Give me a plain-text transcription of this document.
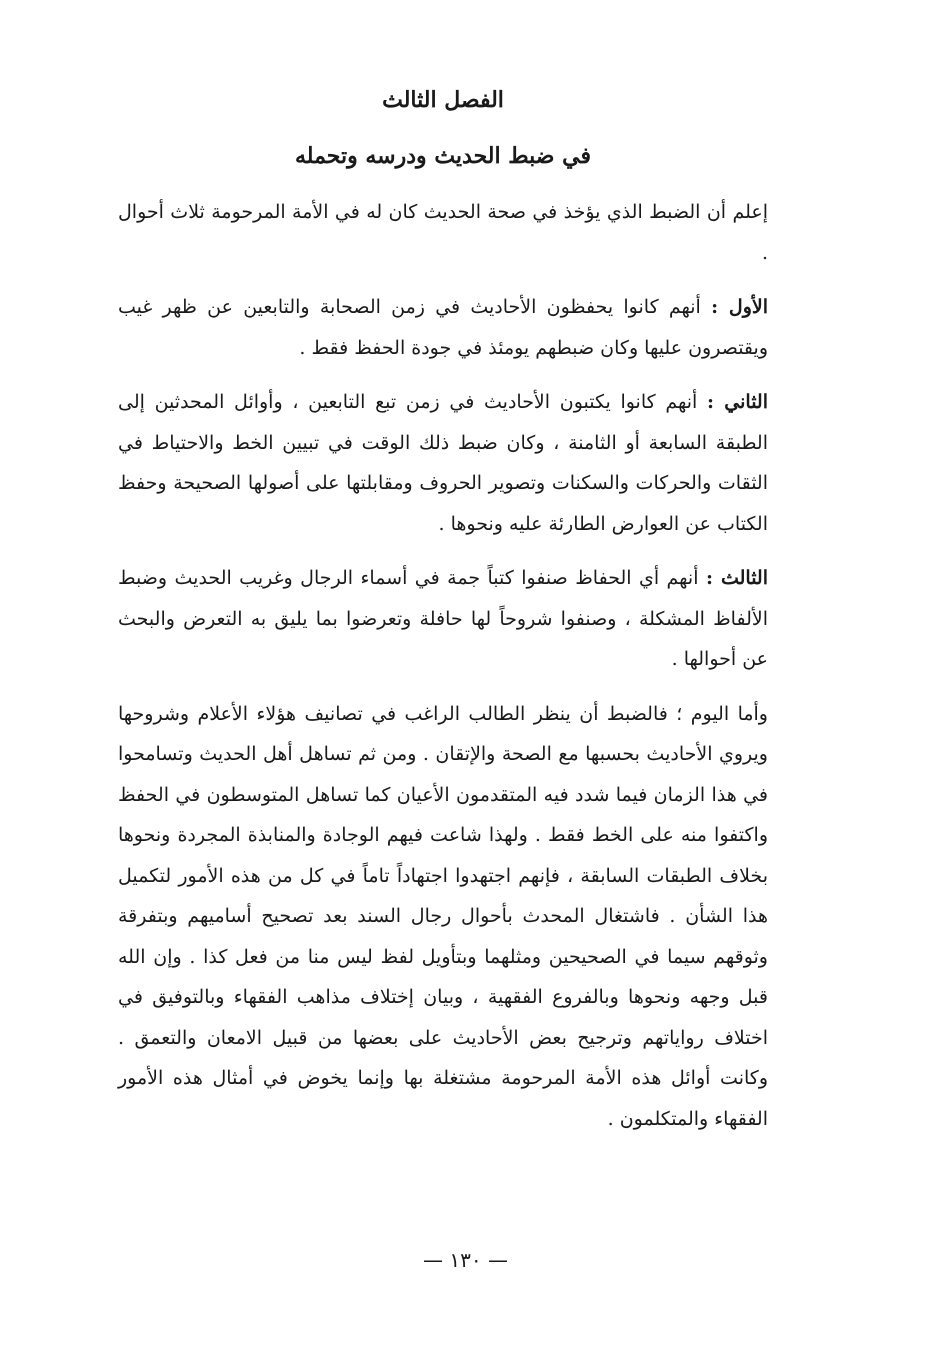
الفصل الثالث
في ضبط الحديث ودرسه وتحمله

إعلم أن الضبط الذي يؤخذ في صحة الحديث كان له في الأمة المرحومة ثلاث أحوال .

الأول : أنهم كانوا يحفظون الأحاديث في زمن الصحابة والتابعين عن ظهر غيب ويقتصرون عليها وكان ضبطهم يومئذ في جودة الحفظ فقط .

الثاني : أنهم كانوا يكتبون الأحاديث في زمن تبع التابعين ، وأوائل المحدثين إلى الطبقة السابعة أو الثامنة ، وكان ضبط ذلك الوقت في تبيين الخط والاحتياط في الثقات والحركات والسكنات وتصوير الحروف ومقابلتها على أصولها الصحيحة وحفظ الكتاب عن العوارض الطارئة عليه ونحوها .

الثالث : أنهم أي الحفاظ صنفوا كتباً جمة في أسماء الرجال وغريب الحديث وضبط الألفاظ المشكلة ، وصنفوا شروحاً لها حافلة وتعرضوا بما يليق به التعرض والبحث عن أحوالها .

وأما اليوم ؛ فالضبط أن ينظر الطالب الراغب في تصانيف هؤلاء الأعلام وشروحها ويروي الأحاديث بحسبها مع الصحة والإتقان . ومن ثم تساهل أهل الحديث وتسامحوا في هذا الزمان فيما شدد فيه المتقدمون الأعيان كما تساهل المتوسطون في الحفظ واكتفوا منه على الخط فقط . ولهذا شاعت فيهم الوجادة والمنابذة المجردة ونحوها بخلاف الطبقات السابقة ، فإنهم اجتهدوا اجتهاداً تاماً في كل من هذه الأمور لتكميل هذا الشأن . فاشتغال المحدث بأحوال رجال السند بعد تصحيح أساميهم وبتفرقة وثوقهم سيما في الصحيحين ومثلهما وبتأويل لفظ ليس منا من فعل كذا . وإن الله قبل وجهه ونحوها وبالفروع الفقهية ، وبيان إختلاف مذاهب الفقهاء وبالتوفيق في اختلاف رواياتهم وترجيح بعض الأحاديث على بعضها من قبيل الامعان والتعمق . وكانت أوائل هذه الأمة المرحومة مشتغلة بها وإنما يخوض في أمثال هذه الأمور الفقهاء والمتكلمون .

— ١٣٠ —
